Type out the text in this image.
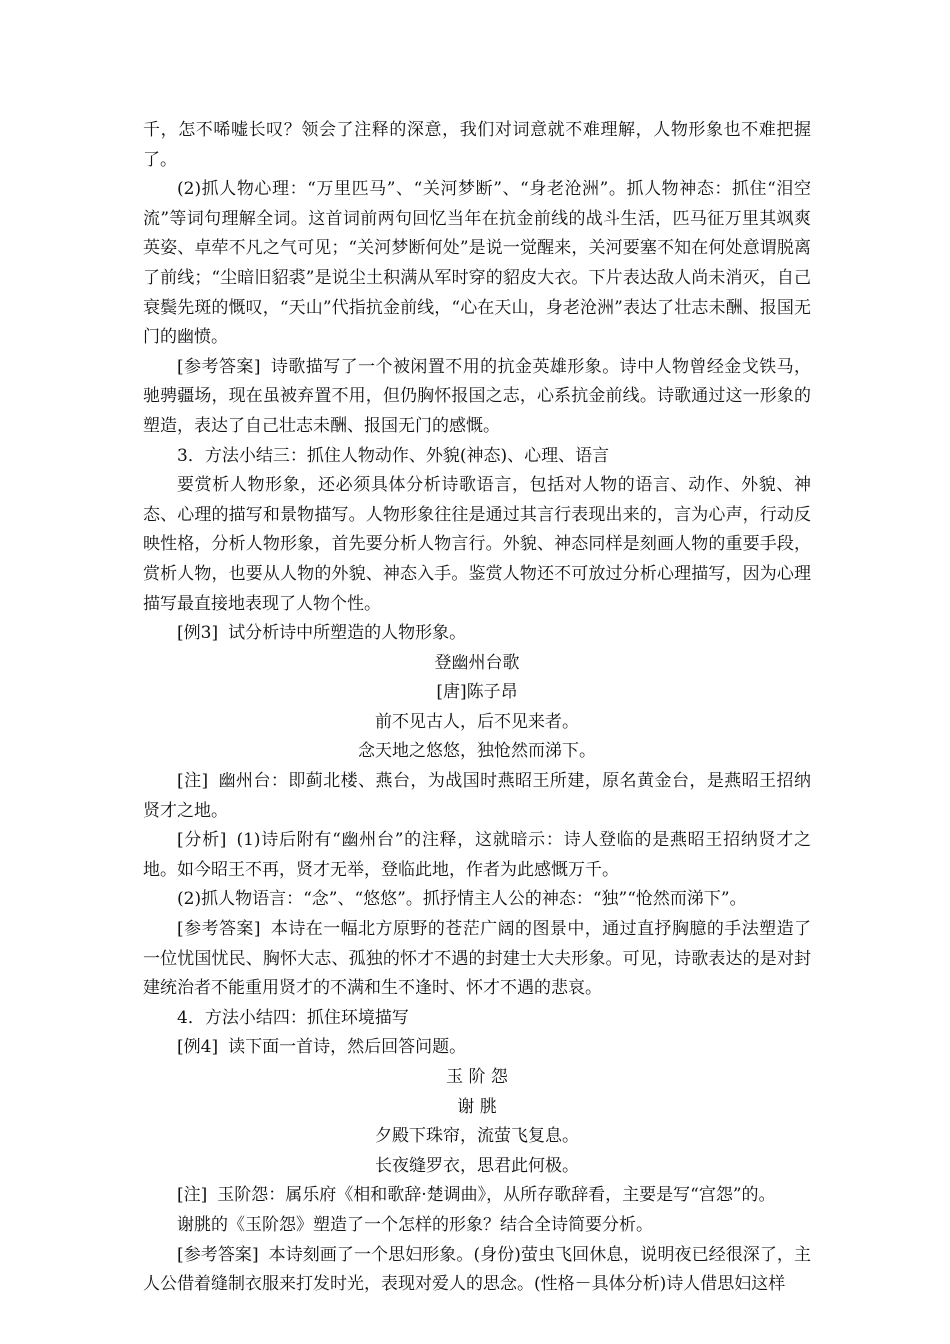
千，怎不唏嘘长叹？领会了注释的深意，我们对词意就不难理解，人物形象也不难把握了。

(2)抓人物心理：“万里匹马”、“关河梦断”、“身老沧洲”。抓人物神态：抓住“泪空流”等词句理解全词。这首词前两句回忆当年在抗金前线的战斗生活，匹马征万里其飒爽英姿、卓荦不凡之气可见；“关河梦断何处”是说一觉醒来，关河要塞不知在何处意谓脱离了前线；“尘暗旧貂裘”是说尘土积满从军时穿的貂皮大衣。下片表达敌人尚未消灭，自己衰鬓先斑的慨叹，“天山”代指抗金前线，“心在天山，身老沧洲”表达了壮志未酬、报国无门的幽愤。

[参考答案] 诗歌描写了一个被闲置不用的抗金英雄形象。诗中人物曾经金戈铁马，驰骋疆场，现在虽被弃置不用，但仍胸怀报国之志，心系抗金前线。诗歌通过这一形象的塑造，表达了自己壮志未酬、报国无门的感慨。

3．方法小结三：抓住人物动作、外貌(神态)、心理、语言

要赏析人物形象，还必须具体分析诗歌语言，包括对人物的语言、动作、外貌、神态、心理的描写和景物描写。人物形象往往是通过其言行表现出来的，言为心声，行动反映性格，分析人物形象，首先要分析人物言行。外貌、神态同样是刻画人物的重要手段，赏析人物，也要从人物的外貌、神态入手。鉴赏人物还不可放过分析心理描写，因为心理描写最直接地表现了人物个性。

[例3] 试分析诗中所塑造的人物形象。

登幽州台歌

[唐]陈子昂

前不见古人，后不见来者。

念天地之悠悠，独怆然而涕下。

[注] 幽州台：即蓟北楼、燕台，为战国时燕昭王所建，原名黄金台，是燕昭王招纳贤才之地。

[分析] (1)诗后附有“幽州台”的注释，这就暗示：诗人登临的是燕昭王招纳贤才之地。如今昭王不再，贤才无举，登临此地，作者为此感慨万千。

(2)抓人物语言：“念”、“悠悠”。抓抒情主人公的神态：“独”“怆然而涕下”。

[参考答案] 本诗在一幅北方原野的苍茫广阔的图景中，通过直抒胸臆的手法塑造了一位忧国忧民、胸怀大志、孤独的怀才不遇的封建士大夫形象。可见，诗歌表达的是对封建统治者不能重用贤才的不满和生不逢时、怀才不遇的悲哀。

4．方法小结四：抓住环境描写

[例4] 读下面一首诗，然后回答问题。

玉 阶 怨

谢 朓

夕殿下珠帘，流萤飞复息。

长夜缝罗衣，思君此何极。

[注] 玉阶怨：属乐府《相和歌辞·楚调曲》，从所存歌辞看，主要是写“宫怨”的。

谢朓的《玉阶怨》塑造了一个怎样的形象？结合全诗简要分析。

[参考答案] 本诗刻画了一个思妇形象。(身份)萤虫飞回休息，说明夜已经很深了，主人公借着缝制衣服来打发时光，表现对爱人的思念。(性格－具体分析)诗人借思妇这样
